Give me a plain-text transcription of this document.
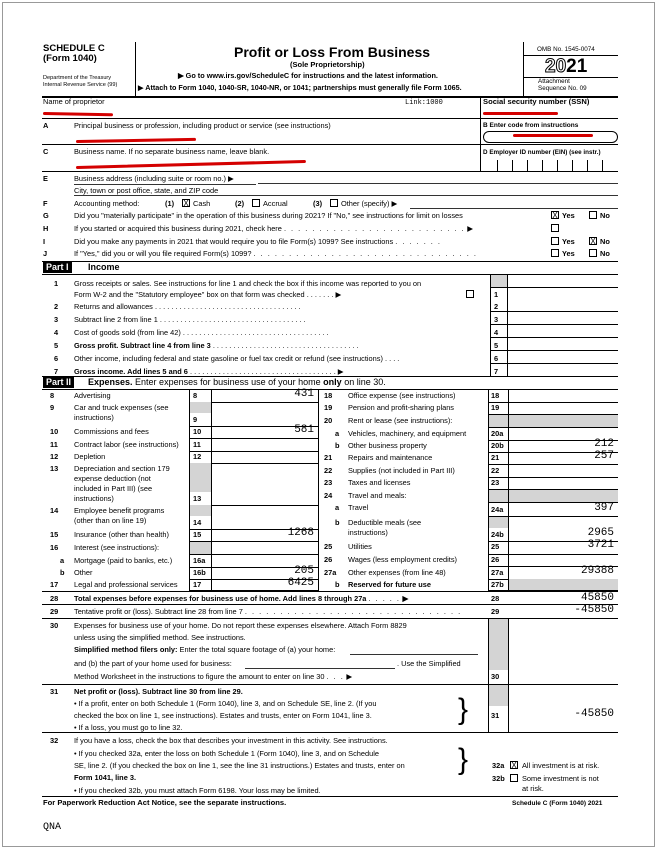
SCHEDULE C
(Form 1040)
Department of the Treasury
Internal Revenue Service (99)
Profit or Loss From Business
(Sole Proprietorship)
▶ Go to www.irs.gov/ScheduleC for instructions and the latest information.
▶ Attach to Form 1040, 1040-SR, 1040-NR, or 1041; partnerships must generally file Form 1065.
OMB No. 1545-0074
2021
Attachment
Sequence No. 09
Name of proprietor	Link:1000	Social security number (SSN)
A	Principal business or profession, including product or service (see instructions)	B Enter code from instructions
C	Business name. If no separate business name, leave blank.	D Employer ID number (EIN) (see instr.)
E	Business address (including suite or room no.) ▶
City, town or post office, state, and ZIP code
F	Accounting method:	(1) X Cash	(2)	Accrual	(3)	Other (specify) ▶
G	Did you "materially participate" in the operation of this business during 2021? If "No," see instructions for limit on losses	X Yes	No
H	If you started or acquired this business during 2021, check here . . . . . . . . . . . . . . . . . . . . . . . . . . ▶
I	Did you make any payments in 2021 that would require you to file Form(s) 1099? See instructions . . . . . . .	Yes X No
J	If "Yes," did you or will you file required Form(s) 1099? . . . . . . . . . . . . . . . . . . . . . . . . . . . . . . . .	Yes	No
Part I	Income
1 Gross receipts or sales. See instructions for line 1 and check the box if this income was reported to you on
Form W-2 and the "Statutory employee" box on that form was checked . . . . . . . ▶	1
2 Returns and allowances . . . . . . . . . . . . . . . . . . . . . . . . . . . . . . . . . . . .	2
3 Subtract line 2 from line 1 . . . . . . . . . . . . . . . . . . . . . . . . . . . . . . . . . . . .	3
4 Cost of goods sold (from line 42) . . . . . . . . . . . . . . . . . . . . . . . . . . . . . . . . . . . .	4
5 Gross profit. Subtract line 4 from line 3 . . . . . . . . . . . . . . . . . . . . . . . . . . . . . . . . . . . .	5
6 Other income, including federal and state gasoline or fuel tax credit or refund (see instructions) . . . .	6
7 Gross income. Add lines 5 and 6 . . . . . . . . . . . . . . . . . . . . . . . . . . . . . . . . . . . . ▶	7
Part II	Expenses. Enter expenses for business use of your home only on line 30.
8	Advertising	8	431
9	Car and truck expenses (see
instructions)	9
10 Commissions and fees	10	581
11 Contract labor (see instructions) 11
12 Depletion	12
13 Depreciation and section 179
expense deduction (not
included in Part III) (see
instructions)	13
14 Employee benefit programs
(other than on line 19)	14
15 Insurance (other than health)	15	1268
16 Interest (see instructions):
a Mortgage (paid to banks, etc.)	16a
b Other	16b	205
17 Legal and professional services 17	6425
18 Office expense (see instructions)	18
19 Pension and profit-sharing plans	19
20 Rent or lease (see instructions):
a Vehicles, machinery, and equipment	20a
b Other business property	20b	212
21 Repairs and maintenance	21	257
22 Supplies (not included in Part III)	22
23 Taxes and licenses	23
24 Travel and meals:
a Travel	24a	397
b Deductible meals (see
instructions)	24b	2965
25 Utilities	25	3721
26 Wages (less employment credits)	26
27a Other expenses (from line 48)	27a	29388
b Reserved for future use	27b
28 Total expenses before expenses for business use of home. Add lines 8 through 27a . . . . . ▶	28	45850
29 Tentative profit or (loss). Subtract line 28 from line 7 . . . . . . . . . . . . . . . . . . . . . . . . . . . . . . .	29	-45850
30 Expenses for business use of your home. Do not report these expenses elsewhere. Attach Form 8829
unless using the simplified method. See instructions.
Simplified method filers only: Enter the total square footage of (a) your home:
and (b) the part of your home used for business:	. Use the Simplified
Method Worksheet in the instructions to figure the amount to enter on line 30 . . . ▶	30
31 Net profit or (loss). Subtract line 30 from line 29.
• If a profit, enter on both Schedule 1 (Form 1040), line 3, and on Schedule SE, line 2. (If you
checked the box on line 1, see instructions). Estates and trusts, enter on Form 1041, line 3.
• If a loss, you must go to line 32.
}	31	-45850
32 If you have a loss, check the box that describes your investment in this activity. See instructions.
• If you checked 32a, enter the loss on both Schedule 1 (Form 1040), line 3, and on Schedule
SE, line 2. (If you checked the box on line 1, see the line 31 instructions.) Estates and trusts, enter on
Form 1041, line 3.
• If you checked 32b, you must attach Form 6198. Your loss may be limited.
}	32a X All investment is at risk.
32b Some investment is not
at risk.
For Paperwork Reduction Act Notice, see the separate instructions.	Schedule C (Form 1040) 2021
QNA
